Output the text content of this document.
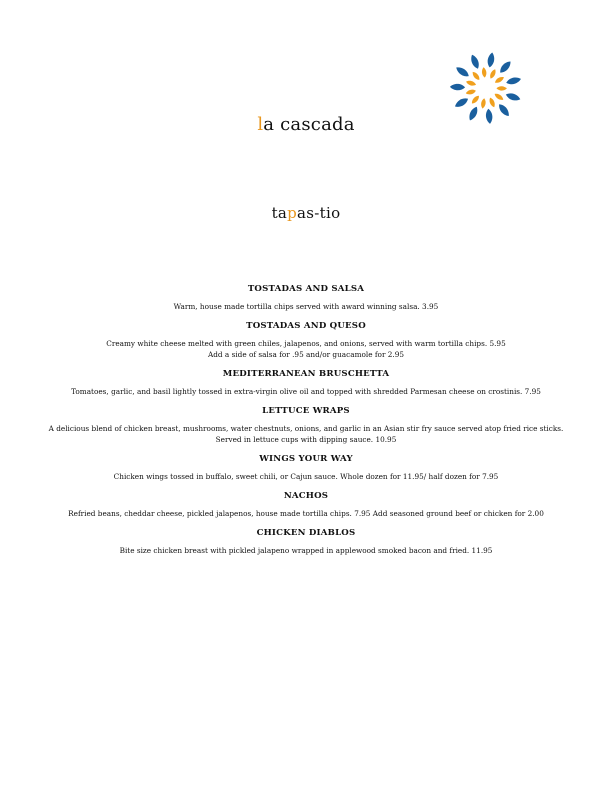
la cascada
tapas-tio
TOSTADAS AND SALSA
Warm, house made tortilla chips served with award winning salsa. 3.95
TOSTADAS AND QUESO
Creamy white cheese melted with green chiles, jalapenos, and onions, served with warm tortilla chips. 5.95
Add a side of salsa for .95 and/or guacamole for 2.95
MEDITERRANEAN BRUSCHETTA
Tomatoes, garlic, and basil lightly tossed in extra-virgin olive oil and topped with shredded Parmesan cheese on crostinis. 7.95
LETTUCE WRAPS
A delicious blend of chicken breast, mushrooms, water chestnuts, onions, and garlic in an Asian stir fry sauce served atop fried rice sticks.
Served in lettuce cups with dipping sauce. 10.95
WINGS YOUR WAY
Chicken wings tossed in buffalo, sweet chili, or Cajun sauce. Whole dozen for 11.95/ half dozen for 7.95
NACHOS
Refried beans, cheddar cheese, pickled jalapenos, house made tortilla chips. 7.95 Add seasoned ground beef or chicken for 2.00
CHICKEN DIABLOS
Bite size chicken breast with pickled jalapeno wrapped in applewood smoked bacon and fried. 11.95
